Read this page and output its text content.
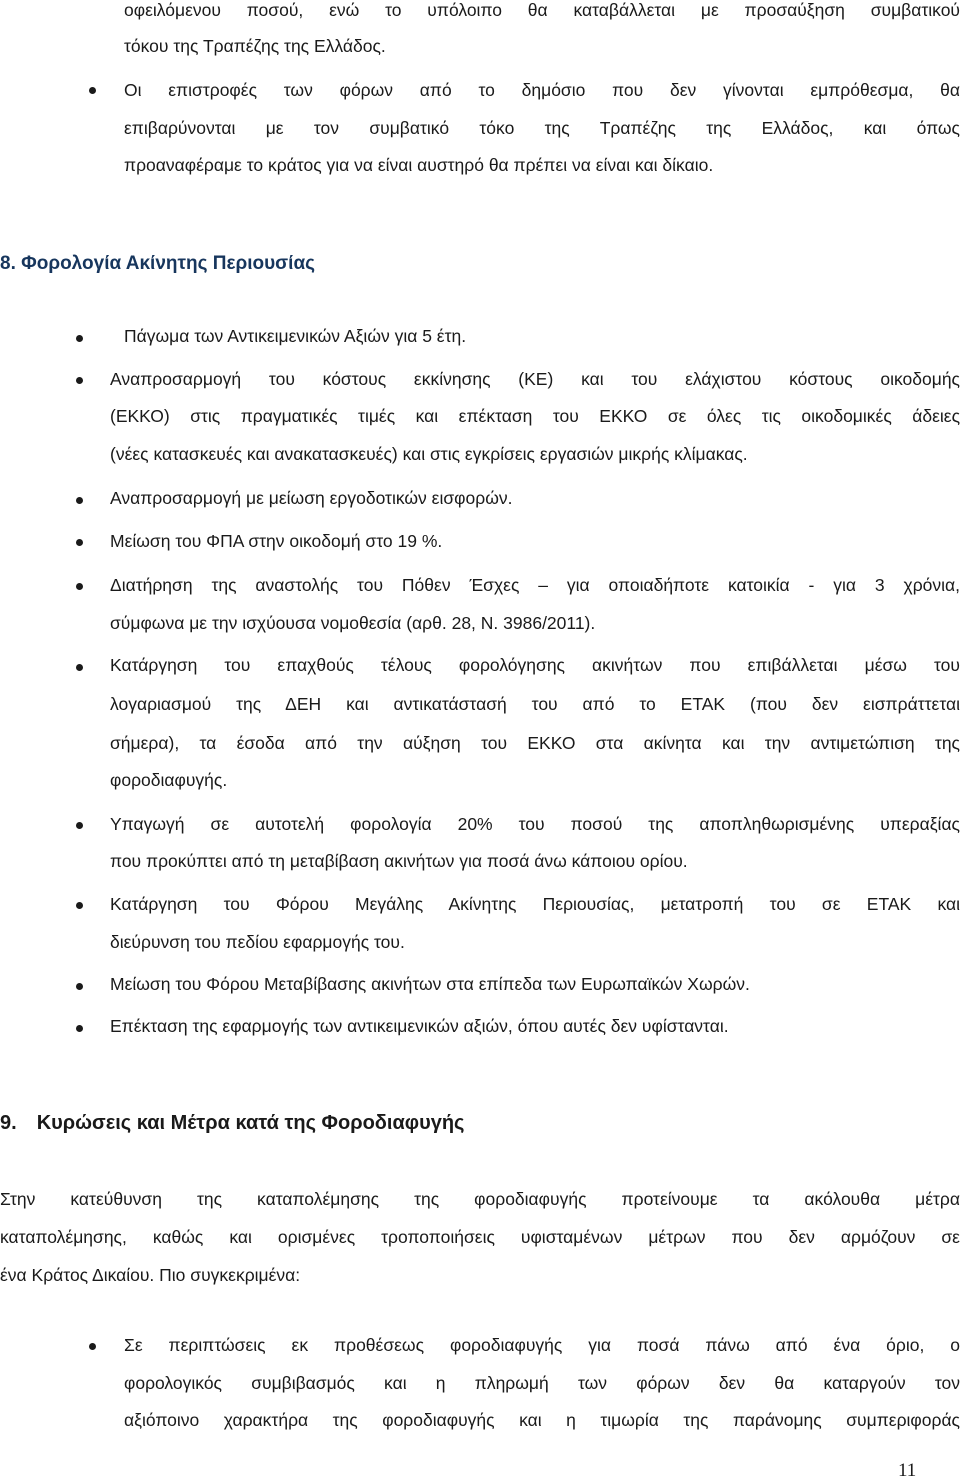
οφειλόμενου ποσού, ενώ το υπόλοιπο θα καταβάλλεται με προσαύξηση συμβατικού
τόκου της Τραπέζης της Ελλάδος.
Οι επιστροφές των φόρων από το δημόσιο που δεν γίνονται εμπρόθεσμα, θα
επιβαρύνονται με τον συμβατικό τόκο της Τραπέζης της Ελλάδος, και όπως
προαναφέραμε το κράτος για να είναι αυστηρό θα πρέπει να είναι και δίκαιο.
8. Φορολογία Ακίνητης Περιουσίας
Πάγωμα των Αντικειμενικών Αξιών για 5 έτη.
Αναπροσαρμογή του κόστους εκκίνησης (ΚΕ) και του ελάχιστου κόστους οικοδομής
(ΕΚΚΟ) στις πραγματικές τιμές και επέκταση του ΕΚΚΟ σε όλες τις οικοδομικές άδειες
(νέες κατασκευές και ανακατασκευές) και στις εγκρίσεις εργασιών μικρής κλίμακας.
Αναπροσαρμογή με μείωση εργοδοτικών εισφορών.
Μείωση του ΦΠΑ στην οικοδομή στο 19 %.
Διατήρηση της αναστολής του Πόθεν Έσχες – για οποιαδήποτε κατοικία - για 3 χρόνια,
σύμφωνα με την ισχύουσα νομοθεσία (αρθ. 28, Ν. 3986/2011).
Κατάργηση του επαχθούς τέλους φορολόγησης ακινήτων που επιβάλλεται μέσω του
λογαριασμού της ΔΕΗ και αντικατάστασή του από το ΕΤΑΚ (που δεν εισπράττεται
σήμερα), τα έσοδα από την αύξηση του ΕΚΚΟ στα ακίνητα και την αντιμετώπιση της
φοροδιαφυγής.
Υπαγωγή σε αυτοτελή φορολογία 20% του ποσού της αποπληθωρισμένης υπεραξίας
που προκύπτει από τη μεταβίβαση ακινήτων για ποσά άνω κάποιου ορίου.
Κατάργηση του Φόρου Μεγάλης Ακίνητης Περιουσίας, μετατροπή του σε ΕΤΑΚ και
διεύρυνση του πεδίου εφαρμογής του.
Μείωση του Φόρου Μεταβίβασης ακινήτων στα επίπεδα των Ευρωπαϊκών Χωρών.
Επέκταση της εφαρμογής των αντικειμενικών αξιών, όπου αυτές δεν υφίστανται.
9. Κυρώσεις και Μέτρα κατά της Φοροδιαφυγής
Στην κατεύθυνση της καταπολέμησης της φοροδιαφυγής προτείνουμε τα ακόλουθα μέτρα
καταπολέμησης, καθώς και ορισμένες τροποποιήσεις υφισταμένων μέτρων που δεν αρμόζουν σε
ένα Κράτος Δικαίου. Πιο συγκεκριμένα:
Σε περιπτώσεις εκ προθέσεως φοροδιαφυγής για ποσά πάνω από ένα όριο, ο
φορολογικός συμβιβασμός και η πληρωμή των φόρων δεν θα καταργούν τον
αξιόποινο χαρακτήρα της φοροδιαφυγής και η τιμωρία της παράνομης συμπεριφοράς
11
